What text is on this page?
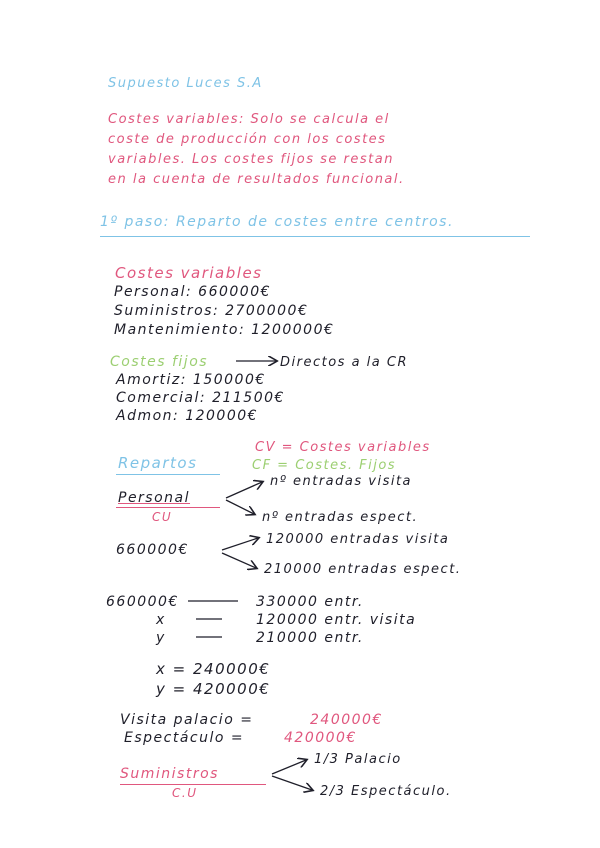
Supuesto Luces S.A
Costes variables: Solo se calcula el
coste de producción con los costes
variables. Los costes fijos se restan
en la cuenta de resultados funcional.
1º paso: Reparto de costes entre centros.
Costes variables
Personal: 660000€
Suministros: 2700000€
Mantenimiento: 1200000€
Costes fijos	Directos a la CR
Amortiz: 150000€
Comercial: 211500€
Admon: 120000€
CV = Costes variables
CF = Costes. Fijos
Repartos
Personal
CU
nº entradas visita
nº entradas espect.
660000€
120000 entradas visita
210000 entradas espect.
660000€	330000 entr.
x	120000 entr. visita
y	210000 entr.
x = 240000€
y = 420000€
Visita palacio =	240000€
Espectáculo =	420000€
Suministros
C.U
1/3 Palacio
2/3 Espectáculo.
